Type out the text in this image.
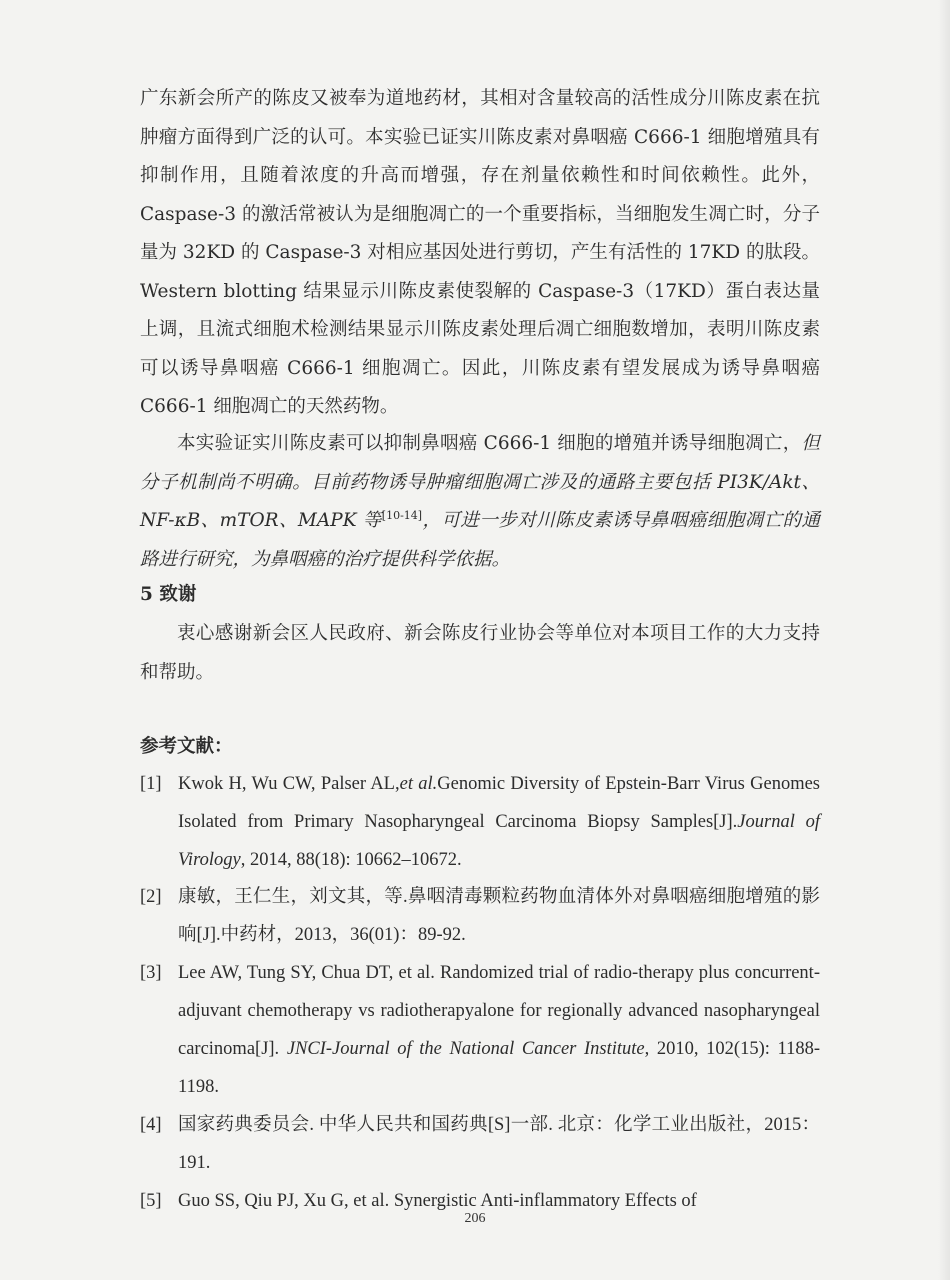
广东新会所产的陈皮又被奉为道地药材，其相对含量较高的活性成分川陈皮素在抗肿瘤方面得到广泛的认可。本实验已证实川陈皮素对鼻咽癌 C666-1 细胞增殖具有抑制作用，且随着浓度的升高而增强，存在剂量依赖性和时间依赖性。此外，Caspase-3 的激活常被认为是细胞凋亡的一个重要指标，当细胞发生凋亡时，分子量为 32KD 的 Caspase-3 对相应基因处进行剪切，产生有活性的 17KD 的肽段。Western blotting 结果显示川陈皮素使裂解的 Caspase-3（17KD）蛋白表达量上调，且流式细胞术检测结果显示川陈皮素处理后凋亡细胞数增加，表明川陈皮素可以诱导鼻咽癌 C666-1 细胞凋亡。因此，川陈皮素有望发展成为诱导鼻咽癌 C666-1 细胞凋亡的天然药物。
本实验证实川陈皮素可以抑制鼻咽癌 C666-1 细胞的增殖并诱导细胞凋亡，但分子机制尚不明确。目前药物诱导肿瘤细胞凋亡涉及的通路主要包括 PI3K/Akt、NF-κB、mTOR、MAPK 等[10-14]，可进一步对川陈皮素诱导鼻咽癌细胞凋亡的通路进行研究，为鼻咽癌的治疗提供科学依据。
5 致谢
衷心感谢新会区人民政府、新会陈皮行业协会等单位对本项目工作的大力支持和帮助。
参考文献：
[1] Kwok H, Wu CW, Palser AL,et al.Genomic Diversity of Epstein-Barr Virus Genomes Isolated from Primary Nasopharyngeal Carcinoma Biopsy Samples[J].Journal of Virology, 2014, 88(18): 10662–10672.
[2] 康敏，王仁生，刘文其，等.鼻咽清毒颗粒药物血清体外对鼻咽癌细胞增殖的影响[J].中药材，2013，36(01)：89-92.
[3] Lee AW, Tung SY, Chua DT, et al. Randomized trial of radio-therapy plus concurrent-adjuvant chemotherapy vs radiotherapyalone for regionally advanced nasopharyngeal carcinoma[J]. JNCI-Journal of the National Cancer Institute, 2010, 102(15): 1188-1198.
[4] 国家药典委员会. 中华人民共和国药典[S]一部. 北京：化学工业出版社，2015：191.
[5] Guo SS, Qiu PJ, Xu G, et al. Synergistic Anti-inflammatory Effects of
206
